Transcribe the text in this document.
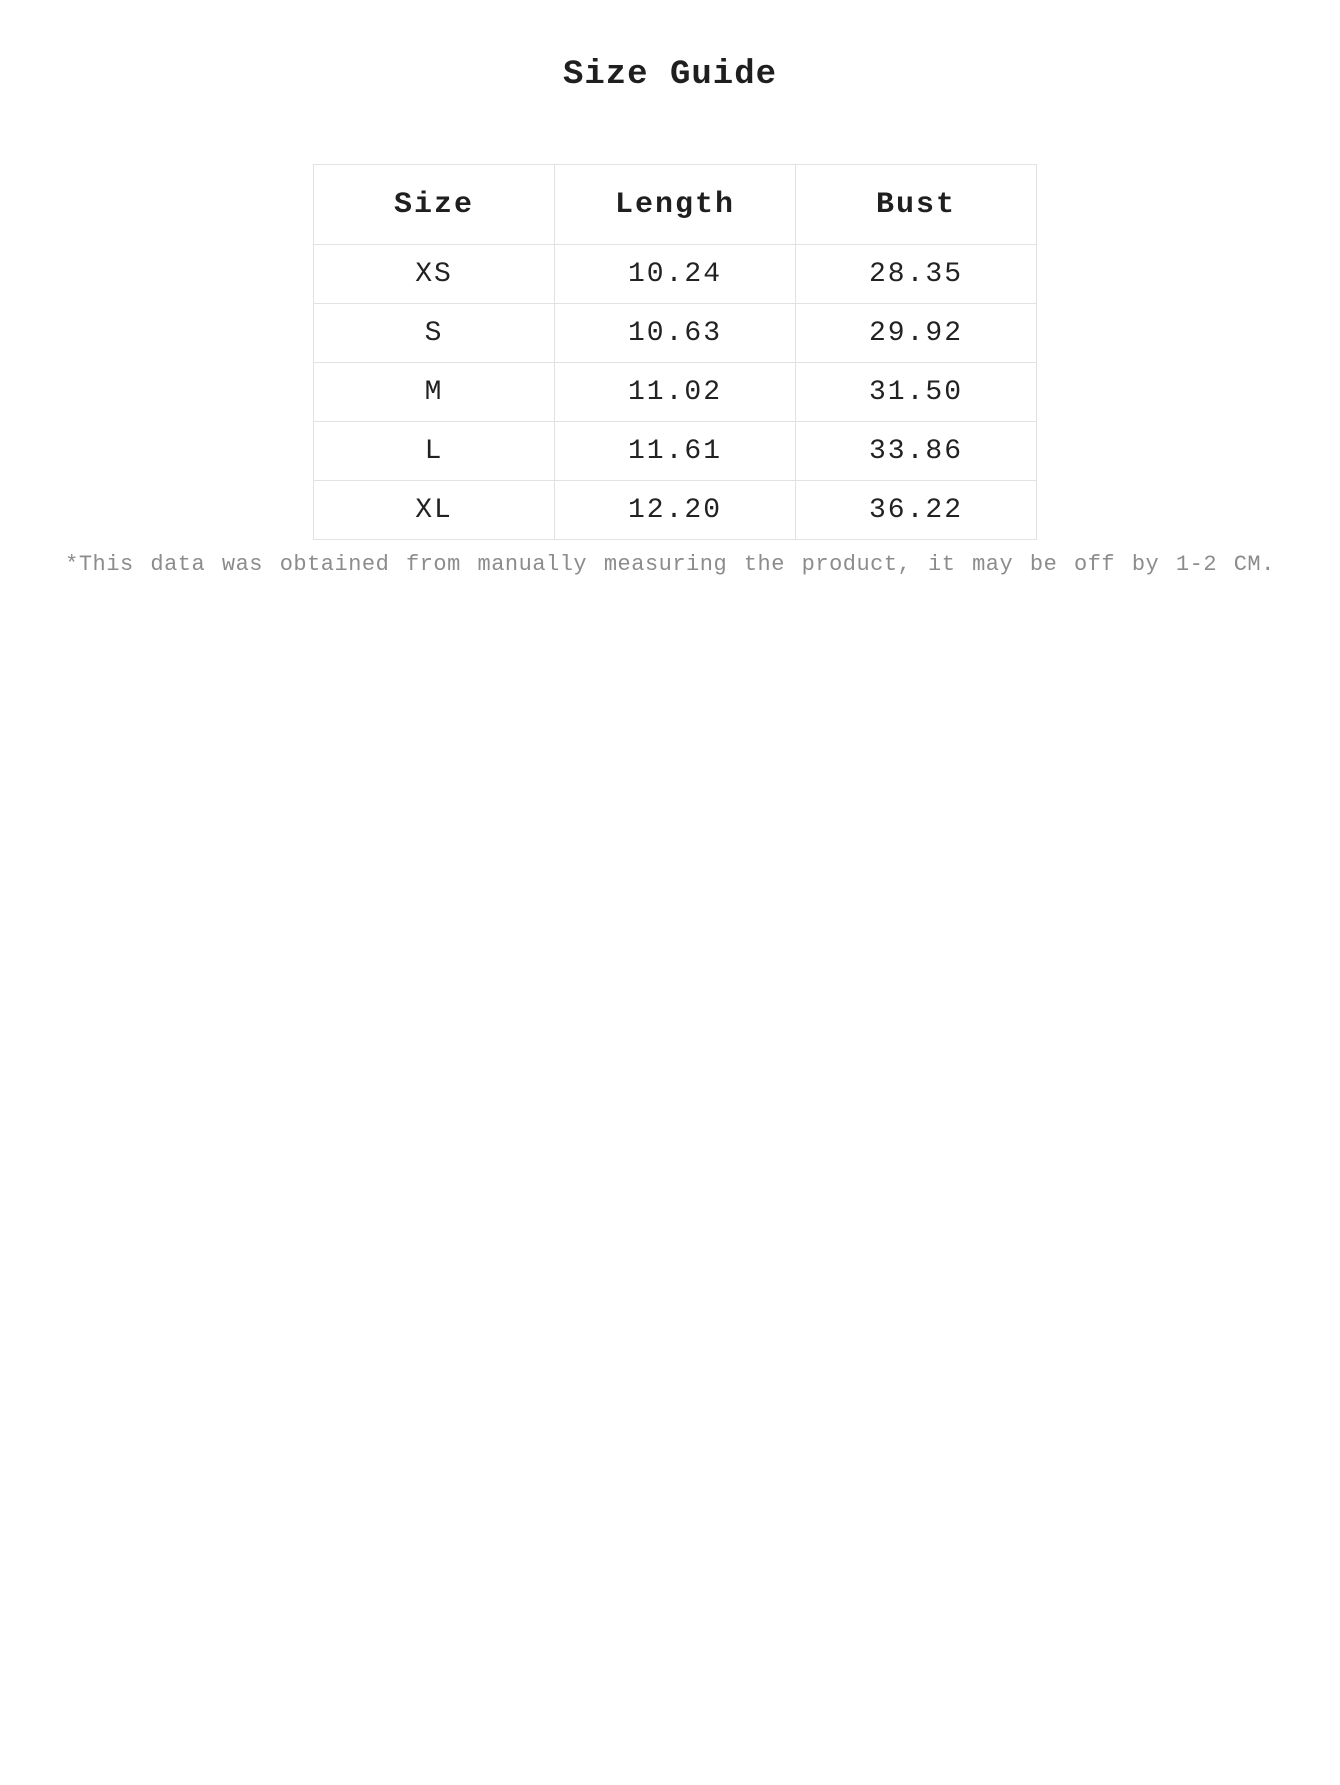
Size Guide
Size	Length	Bust
XS	10.24	28.35
S	10.63	29.92
M	11.02	31.50
L	11.61	33.86
XL	12.20	36.22

*This data was obtained from manually measuring the product, it may be off by 1-2 CM.
